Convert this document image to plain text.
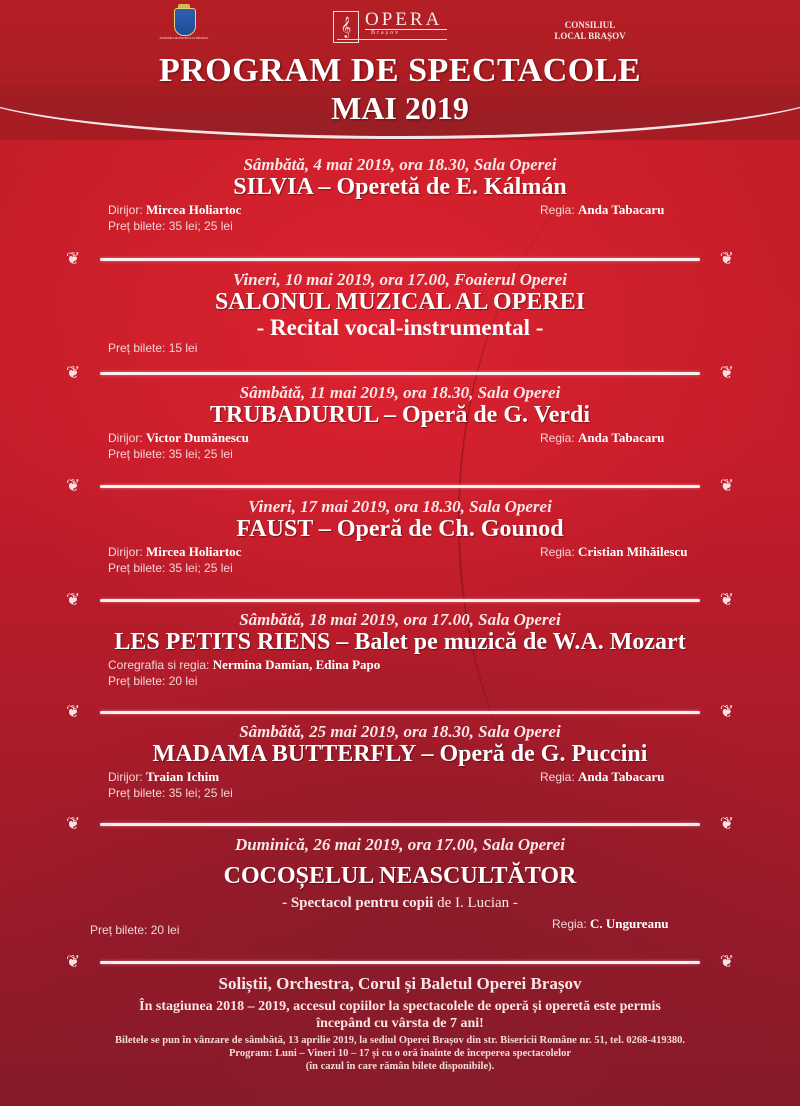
PRIMĂRIA MUNICIPIULUI BRAȘOV
𝄞 OPERA
Brașov
CONSILIUL
LOCAL BRAȘOV
PROGRAM DE SPECTACOLE
MAI 2019
Sâmbătă, 4 mai 2019, ora 18.30, Sala Operei
SILVIA – Operetă de E. Kálmán
Dirijor: Mircea Holiartoc	Regia: Anda Tabacaru
Preț bilete: 35 lei; 25 lei
❦	❦
Vineri, 10 mai 2019, ora 17.00, Foaierul Operei
SALONUL MUZICAL AL OPEREI
- Recital vocal-instrumental -
Preț bilete: 15 lei
❦	❦
Sâmbătă, 11 mai 2019, ora 18.30, Sala Operei
TRUBADURUL – Operă de G. Verdi
Dirijor: Victor Dumănescu	Regia: Anda Tabacaru
Preț bilete: 35 lei; 25 lei
❦	❦
Vineri, 17 mai 2019, ora 18.30, Sala Operei
FAUST – Operă de Ch. Gounod
Dirijor: Mircea Holiartoc	Regia: Cristian Mihăilescu
Preț bilete: 35 lei; 25 lei
❦	❦
Sâmbătă, 18 mai 2019, ora 17.00, Sala Operei
LES PETITS RIENS – Balet pe muzică de W.A. Mozart
Coregrafia si regia: Nermina Damian, Edina Papo
Preț bilete: 20 lei
❦	❦
Sâmbătă, 25 mai 2019, ora 18.30, Sala Operei
MADAMA BUTTERFLY – Operă de G. Puccini
Dirijor: Traian Ichim	Regia: Anda Tabacaru
Preț bilete: 35 lei; 25 lei
❦	❦
Duminică, 26 mai 2019, ora 17.00, Sala Operei
COCOȘELUL NEASCULTĂTOR
- Spectacol pentru copii de I. Lucian -
Preț bilete: 20 lei	Regia: C. Ungureanu
❦	❦
Soliștii, Orchestra, Corul și Baletul Operei Brașov
În stagiunea 2018 – 2019, accesul copiilor la spectacolele de operă și operetă este permis
începând cu vârsta de 7 ani!
Biletele se pun în vânzare de sâmbătă, 13 aprilie 2019, la sediul Operei Brașov din str. Bisericii Române nr. 51, tel. 0268-419380.
Program: Luni – Vineri 10 – 17 și cu o oră înainte de începerea spectacolelor
(în cazul în care rămân bilete disponibile).
